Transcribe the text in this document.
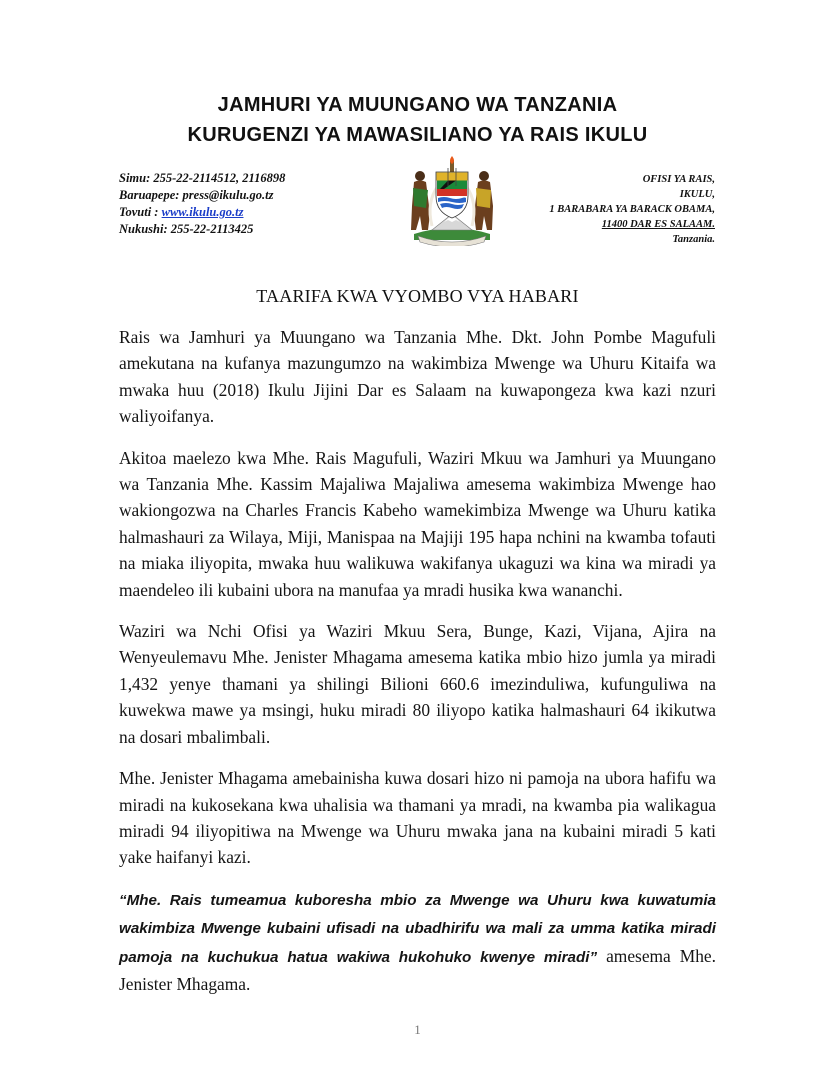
JAMHURI YA MUUNGANO WA TANZANIA
KURUGENZI YA MAWASILIANO YA RAIS IKULU
Simu: 255-22-2114512, 2116898
Baruapepe: press@ikulu.go.tz
Tovuti : www.ikulu.go.tz
Nukushi: 255-22-2113425
OFISI YA RAIS,
IKULU,
1 BARABARA YA BARACK OBAMA,
11400 DAR ES SALAAM.
Tanzania.
TAARIFA KWA VYOMBO VYA HABARI

Rais wa Jamhuri ya Muungano wa Tanzania Mhe. Dkt. John Pombe Magufuli amekutana na kufanya mazungumzo na wakimbiza Mwenge wa Uhuru Kitaifa wa mwaka huu (2018) Ikulu Jijini Dar es Salaam na kuwapongeza kwa kazi nzuri waliyoifanya.

Akitoa maelezo kwa Mhe. Rais Magufuli, Waziri Mkuu wa Jamhuri ya Muungano wa Tanzania Mhe. Kassim Majaliwa Majaliwa amesema wakimbiza Mwenge hao wakiongozwa na Charles Francis Kabeho wamekimbiza Mwenge wa Uhuru katika halmashauri za Wilaya, Miji, Manispaa na Majiji 195 hapa nchini na kwamba tofauti na miaka iliyopita, mwaka huu walikuwa wakifanya ukaguzi wa kina wa miradi ya maendeleo ili kubaini ubora na manufaa ya mradi husika kwa wananchi.

Waziri wa Nchi Ofisi ya Waziri Mkuu Sera, Bunge, Kazi, Vijana, Ajira na Wenyeulemavu Mhe. Jenister Mhagama amesema katika mbio hizo jumla ya miradi 1,432 yenye thamani ya shilingi Bilioni 660.6 imezinduliwa, kufunguliwa na kuwekwa mawe ya msingi, huku miradi 80 iliyopo katika halmashauri 64 ikikutwa na dosari mbalimbali.

Mhe. Jenister Mhagama amebainisha kuwa dosari hizo ni pamoja na ubora hafifu wa miradi na kukosekana kwa uhalisia wa thamani ya mradi, na kwamba pia walikagua miradi 94 iliyopitiwa na Mwenge wa Uhuru mwaka jana na kubaini miradi 5 kati yake haifanyi kazi.

“Mhe. Rais tumeamua kuboresha mbio za Mwenge wa Uhuru kwa kuwatumia wakimbiza Mwenge kubaini ufisadi na ubadhirifu wa mali za umma katika miradi pamoja na kuchukua hatua wakiwa hukohuko kwenye miradi” amesema Mhe. Jenister Mhagama.

1
